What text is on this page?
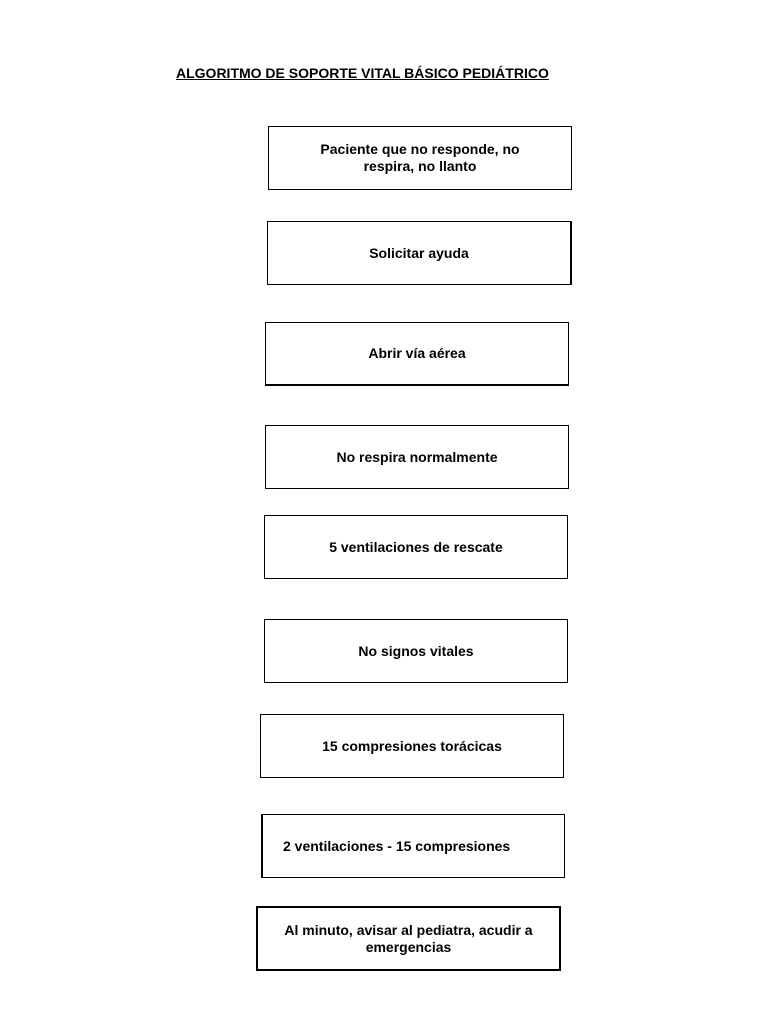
ALGORITMO DE SOPORTE VITAL BÁSICO PEDIÁTRICO
Paciente que no responde, no respira, no llanto
Solicitar ayuda
Abrir vía aérea
No respira normalmente
5 ventilaciones de rescate
No signos vitales
15 compresiones torácicas
2 ventilaciones - 15 compresiones
Al minuto, avisar al pediatra, acudir a emergencias
